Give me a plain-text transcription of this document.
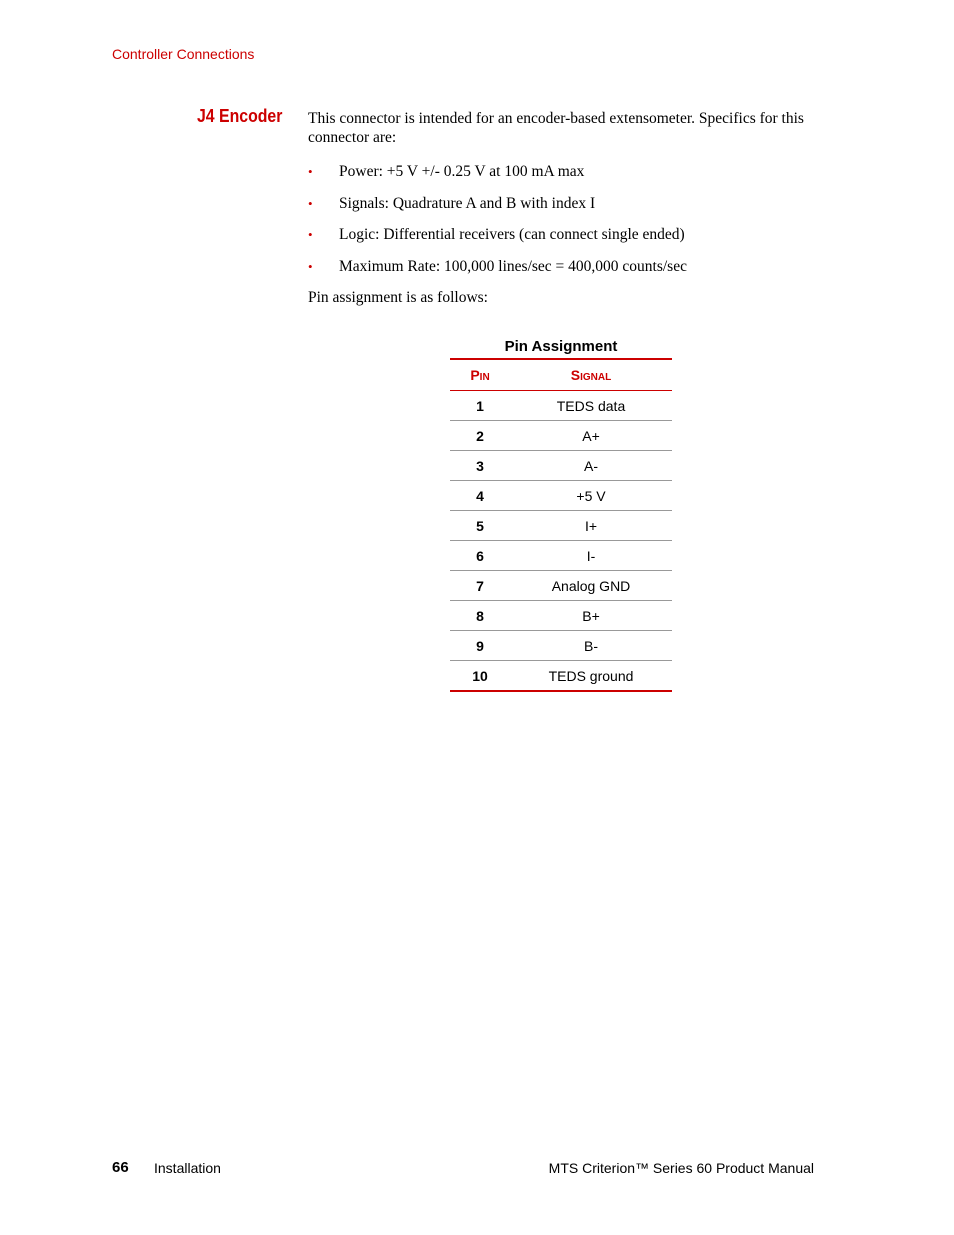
Controller Connections
J4 Encoder This connector is intended for an encoder-based extensometer. Specifics for this connector are:

• Power: +5 V +/- 0.25 V at 100 mA max
• Signals: Quadrature A and B with index I
• Logic: Differential receivers (can connect single ended)
• Maximum Rate: 100,000 lines/sec = 400,000 counts/sec

Pin assignment is as follows:

Pin Assignment
Pin	Signal
1	TEDS data
2	A+
3	A-
4	+5 V
5	I+
6	I-
7	Analog GND
8	B+
9	B-
10	TEDS ground
66 Installation	MTS Criterion™ Series 60 Product Manual
